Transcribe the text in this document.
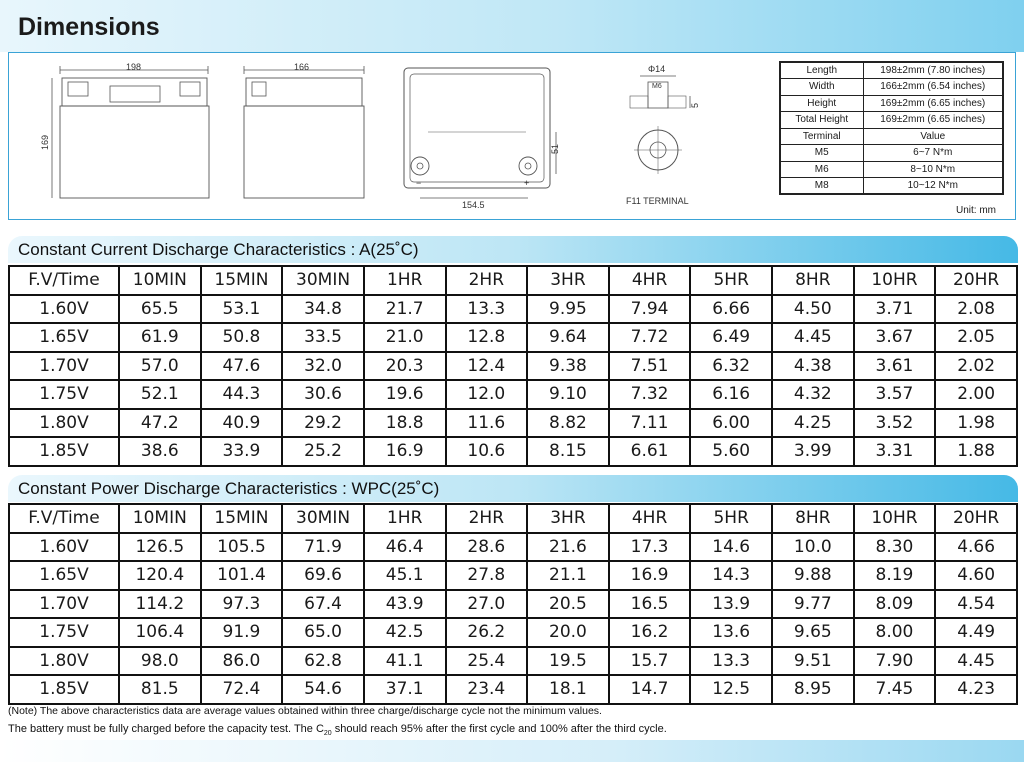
Dimensions
198
169
166
−	+
51
154.5
Φ14
M6
5
F11 TERMINAL
Length	198±2mm (7.80 inches)
Width	166±2mm (6.54 inches)
Height	169±2mm (6.65 inches)
Total Height	169±2mm (6.65 inches)
Terminal	Value
M5	6~7 N*m
M6	8~10 N*m
M8	10~12 N*m
Unit: mm
Constant Current Discharge Characteristics : A(25˚C)
F.V/Time	10MIN	15MIN	30MIN	1HR	2HR	3HR	4HR	5HR	8HR	10HR	20HR
1.60V	65.5	53.1	34.8	21.7	13.3	9.95	7.94	6.66	4.50	3.71	2.08
1.65V	61.9	50.8	33.5	21.0	12.8	9.64	7.72	6.49	4.45	3.67	2.05
1.70V	57.0	47.6	32.0	20.3	12.4	9.38	7.51	6.32	4.38	3.61	2.02
1.75V	52.1	44.3	30.6	19.6	12.0	9.10	7.32	6.16	4.32	3.57	2.00
1.80V	47.2	40.9	29.2	18.8	11.6	8.82	7.11	6.00	4.25	3.52	1.98
1.85V	38.6	33.9	25.2	16.9	10.6	8.15	6.61	5.60	3.99	3.31	1.88
Constant Power Discharge Characteristics : WPC(25˚C)
F.V/Time	10MIN	15MIN	30MIN	1HR	2HR	3HR	4HR	5HR	8HR	10HR	20HR
1.60V	126.5	105.5	71.9	46.4	28.6	21.6	17.3	14.6	10.0	8.30	4.66
1.65V	120.4	101.4	69.6	45.1	27.8	21.1	16.9	14.3	9.88	8.19	4.60
1.70V	114.2	97.3	67.4	43.9	27.0	20.5	16.5	13.9	9.77	8.09	4.54
1.75V	106.4	91.9	65.0	42.5	26.2	20.0	16.2	13.6	9.65	8.00	4.49
1.80V	98.0	86.0	62.8	41.1	25.4	19.5	15.7	13.3	9.51	7.90	4.45
1.85V	81.5	72.4	54.6	37.1	23.4	18.1	14.7	12.5	8.95	7.45	4.23
(Note) The above characteristics data are average values obtained within three charge/discharge cycle not the minimum values.
The battery must be fully charged before the capacity test. The $C_{20}$ should reach 95% after the first cycle and 100% after the third cycle.
